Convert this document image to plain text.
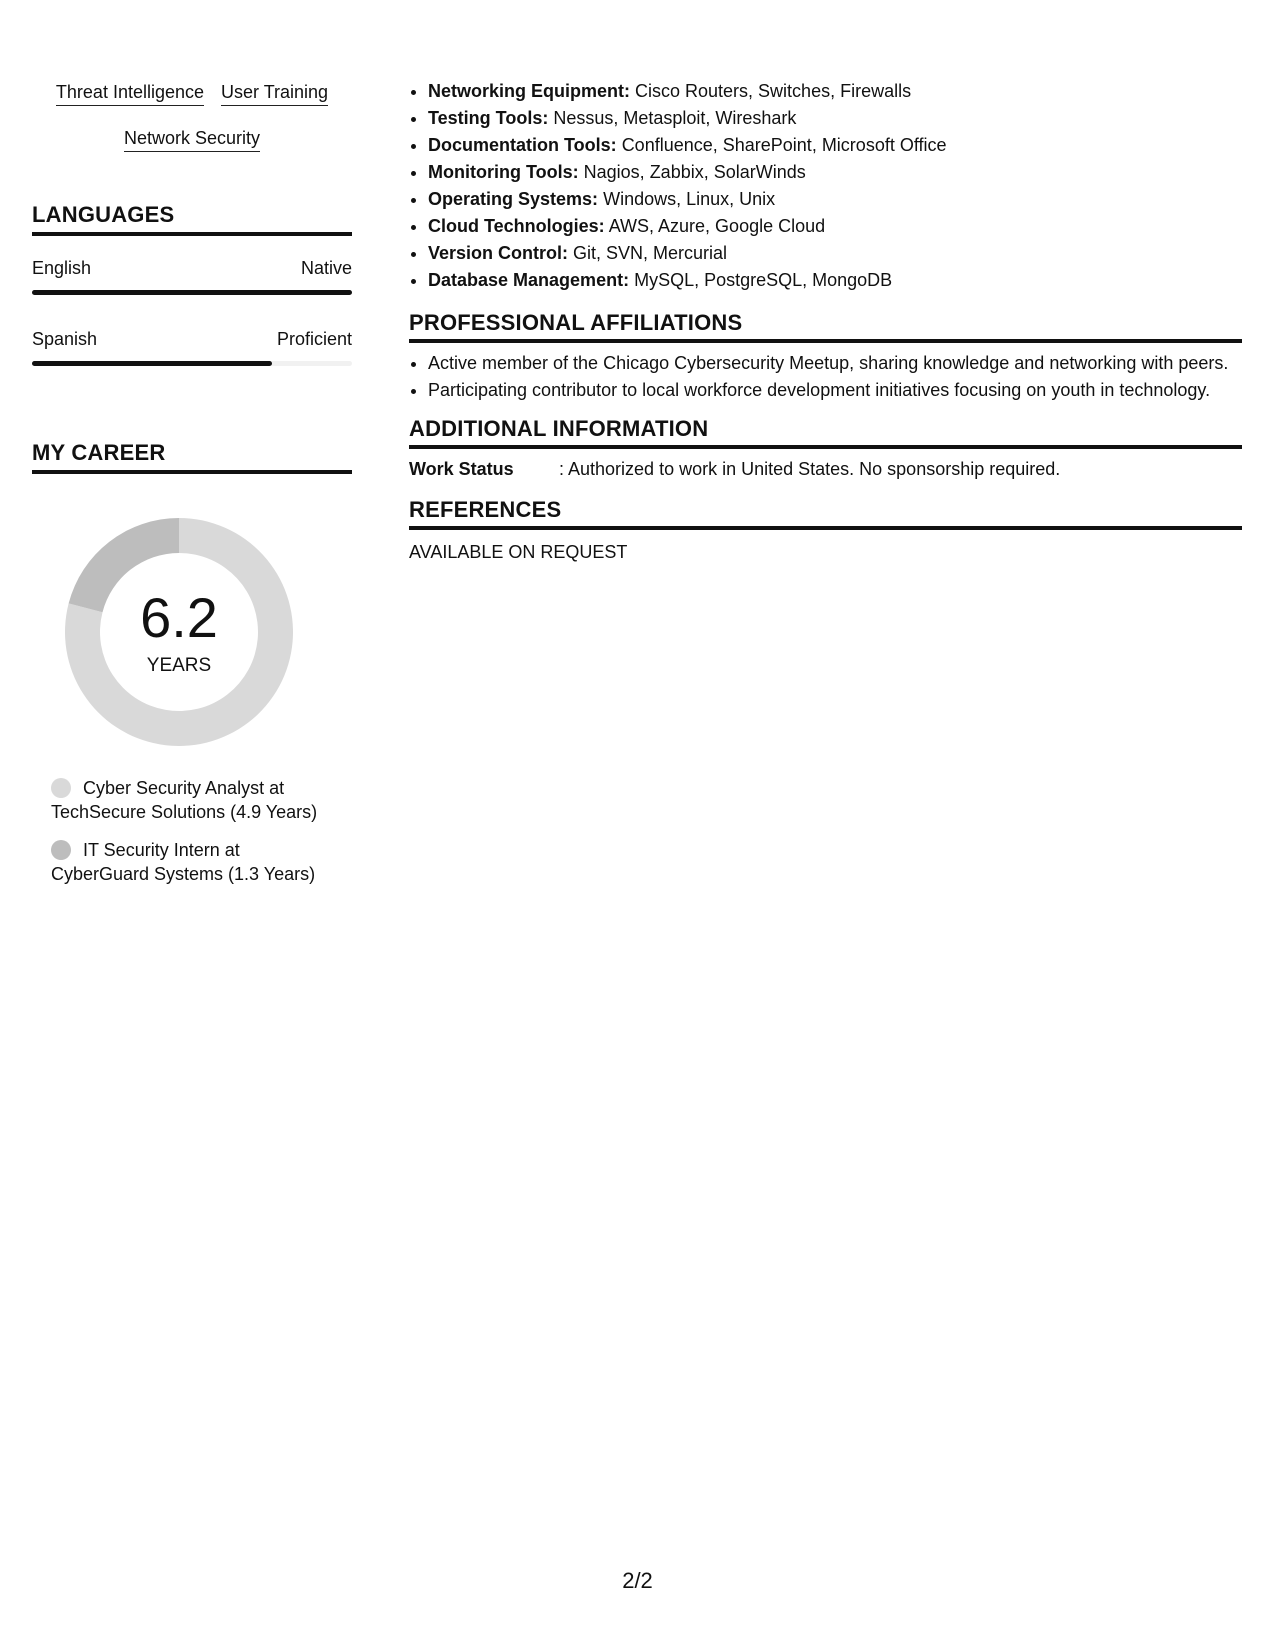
Threat Intelligence User Training
Network Security
LANGUAGES
English	Native
Spanish	Proficient
MY CAREER
6.2
YEARS
Cyber Security Analyst at TechSecure Solutions (4.9 Years)
IT Security Intern at CyberGuard Systems (1.3 Years)
• Networking Equipment: Cisco Routers, Switches, Firewalls
• Testing Tools: Nessus, Metasploit, Wireshark
• Documentation Tools: Confluence, SharePoint, Microsoft Office
• Monitoring Tools: Nagios, Zabbix, SolarWinds
• Operating Systems: Windows, Linux, Unix
• Cloud Technologies: AWS, Azure, Google Cloud
• Version Control: Git, SVN, Mercurial
• Database Management: MySQL, PostgreSQL, MongoDB
PROFESSIONAL AFFILIATIONS
• Active member of the Chicago Cybersecurity Meetup, sharing knowledge and networking with peers.
• Participating contributor to local workforce development initiatives focusing on youth in technology.
ADDITIONAL INFORMATION
Work Status	: Authorized to work in United States. No sponsorship required.
REFERENCES
AVAILABLE ON REQUEST
2/2
